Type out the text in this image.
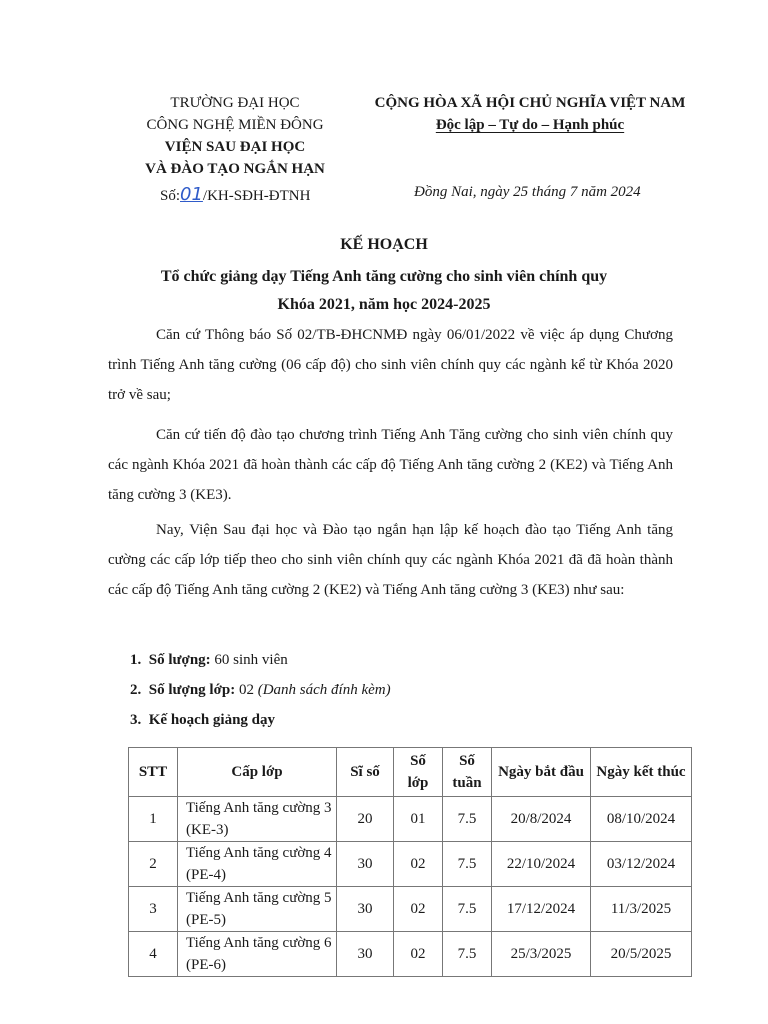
TRƯỜNG ĐẠI HỌC
CÔNG NGHỆ MIỀN ĐÔNG
VIỆN SAU ĐẠI HỌC
VÀ ĐÀO TẠO NGẮN HẠN
CỘNG HÒA XÃ HỘI CHỦ NGHĨA VIỆT NAM
Độc lập – Tự do – Hạnh phúc
Số:01/KH-SĐH-ĐTNH	Đồng Nai, ngày 25 tháng 7 năm 2024
KẾ HOẠCH
Tổ chức giảng dạy Tiếng Anh tăng cường cho sinh viên chính quy
Khóa 2021, năm học 2024-2025
Căn cứ Thông báo Số 02/TB-ĐHCNMĐ ngày 06/01/2022 về việc áp dụng Chương trình Tiếng Anh tăng cường (06 cấp độ) cho sinh viên chính quy các ngành kể từ Khóa 2020 trở về sau;
Căn cứ tiến độ đào tạo chương trình Tiếng Anh Tăng cường cho sinh viên chính quy các ngành Khóa 2021 đã hoàn thành các cấp độ Tiếng Anh tăng cường 2 (KE2) và Tiếng Anh tăng cường 3 (KE3).
Nay, Viện Sau đại học và Đào tạo ngắn hạn lập kế hoạch đào tạo Tiếng Anh tăng cường các cấp lớp tiếp theo cho sinh viên chính quy các ngành Khóa 2021 đã đã hoàn thành các cấp độ Tiếng Anh tăng cường 2 (KE2) và Tiếng Anh tăng cường 3 (KE3) như sau:
1. Số lượng: 60 sinh viên
2. Số lượng lớp: 02 (Danh sách đính kèm)
3. Kế hoạch giảng dạy
STT	Cấp lớp	Sĩ số	Số lớp	Số tuần	Ngày bắt đầu	Ngày kết thúc
1	Tiếng Anh tăng cường 3 (KE-3)	20	01	7.5	20/8/2024	08/10/2024
2	Tiếng Anh tăng cường 4 (PE-4)	30	02	7.5	22/10/2024	03/12/2024
3	Tiếng Anh tăng cường 5 (PE-5)	30	02	7.5	17/12/2024	11/3/2025
4	Tiếng Anh tăng cường 6 (PE-6)	30	02	7.5	25/3/2025	20/5/2025
